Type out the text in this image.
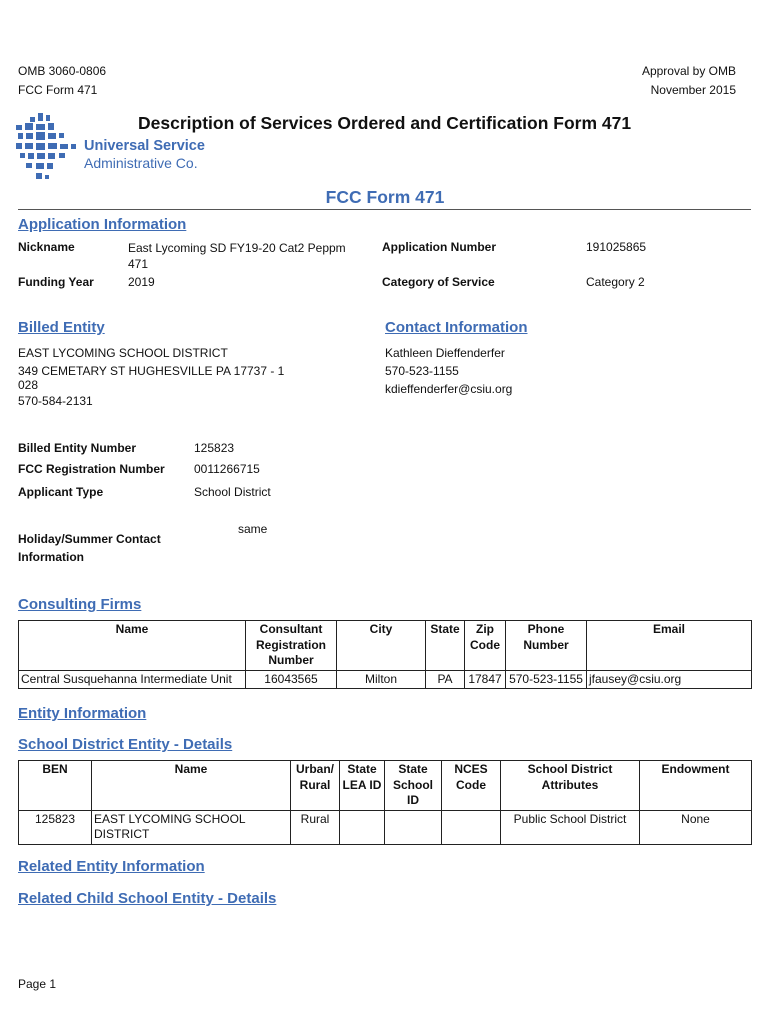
OMB 3060-0806
FCC Form 471
Approval by OMB
November 2015
Universal Service
Administrative Co.
Description of Services Ordered and Certification Form 471
FCC Form 471
Application Information
Nickname	East Lycoming SD FY19-20 Cat2 Peppm
471
Application Number	191025865
Funding Year	2019	Category of Service	Category 2
Billed Entity
EAST LYCOMING SCHOOL DISTRICT
349 CEMETARY ST HUGHESVILLE PA 17737 - 1
028
570-584-2131
Contact Information
Kathleen Dieffenderfer
570-523-1155
kdieffenderfer@csiu.org
Billed Entity Number	125823
FCC Registration Number 0011266715
Applicant Type	School District
Holiday/Summer Contact
Information
same
Consulting Firms
Name	Consultant Registration Number	City	State	Zip Code	Phone Number	Email
Central Susquehanna Intermediate Unit	16043565	Milton	PA	17847	570-523-1155	jfausey@csiu.org
Entity Information
School District Entity - Details
BEN	Name	Urban/ Rural	State LEA ID	State School ID	NCES Code	School District Attributes	Endowment
125823	EAST LYCOMING SCHOOL DISTRICT	Rural				Public School District	None
Related Entity Information
Related Child School Entity - Details
Page 1
